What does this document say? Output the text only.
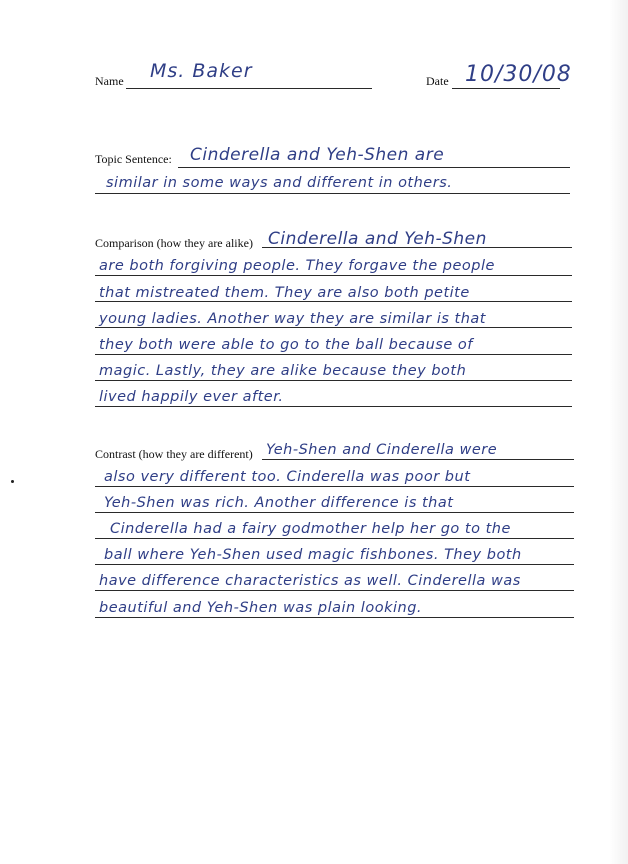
Name Ms. Baker	Date 10/30/08
Topic Sentence: Cinderella and Yeh-Shen are
similar in some ways and different in others.
Comparison (how they are alike) Cinderella and Yeh-Shen
are both forgiving people. They forgave the people
that mistreated them. They are also both petite
young ladies. Another way they are similar is that
they both were able to go to the ball because of
magic. Lastly, they are alike because they both
lived happily ever after.
Contrast (how they are different) Yeh-Shen and Cinderella were
also very different too. Cinderella was poor but
Yeh-Shen was rich. Another difference is that
Cinderella had a fairy godmother help her go to the
ball where Yeh-Shen used magic fishbones. They both
have difference characteristics as well. Cinderella was
beautiful and Yeh-Shen was plain looking.
